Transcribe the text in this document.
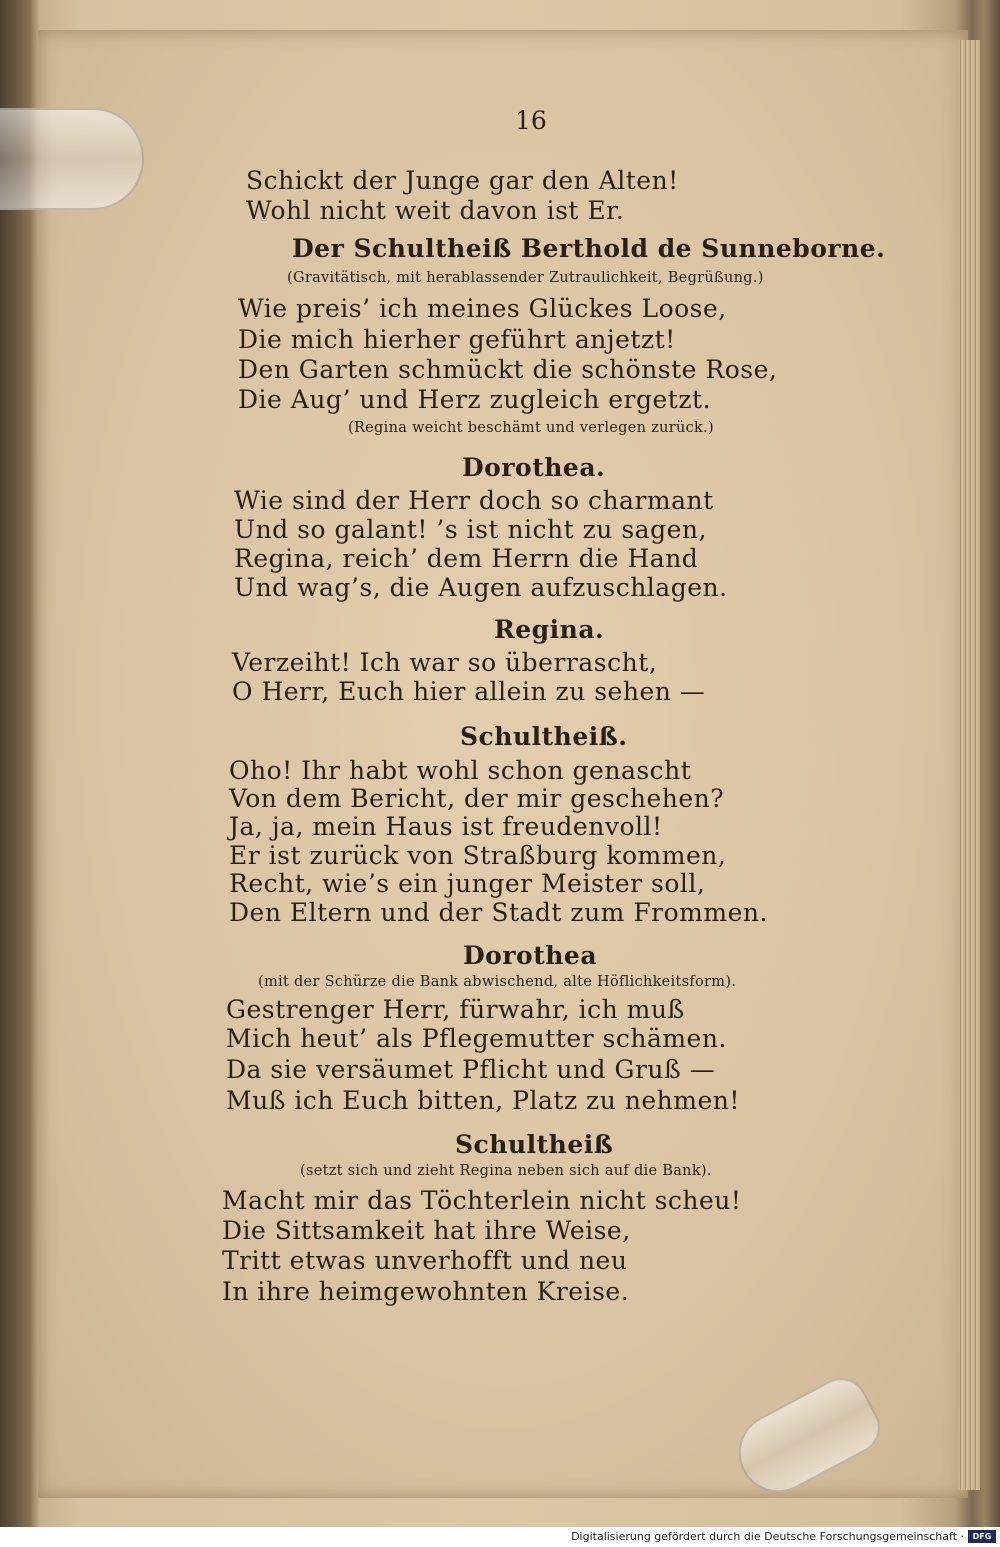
16
Schickt der Junge gar den Alten!
Wohl nicht weit davon ist Er.
Der Schultheiß Berthold de Sunneborne.
(Gravitätisch, mit herablassender Zutraulichkeit, Begrüßung.)
Wie preis’ ich meines Glückes Loose,
Die mich hierher geführt anjetzt!
Den Garten schmückt die schönste Rose,
Die Aug’ und Herz zugleich ergetzt.
(Regina weicht beschämt und verlegen zurück.)
Dorothea.
Wie sind der Herr doch so charmant
Und so galant! ’s ist nicht zu sagen,
Regina, reich’ dem Herrn die Hand
Und wag’s, die Augen aufzuschlagen.
Regina.
Verzeiht! Ich war so überrascht,
O Herr, Euch hier allein zu sehen —
Schultheiß.
Oho! Ihr habt wohl schon genascht
Von dem Bericht, der mir geschehen?
Ja, ja, mein Haus ist freudenvoll!
Er ist zurück von Straßburg kommen,
Recht, wie’s ein junger Meister soll,
Den Eltern und der Stadt zum Frommen.
Dorothea
(mit der Schürze die Bank abwischend, alte Höflichkeitsform).
Gestrenger Herr, fürwahr, ich muß
Mich heut’ als Pflegemutter schämen.
Da sie versäumet Pflicht und Gruß —
Muß ich Euch bitten, Platz zu nehmen!
Schultheiß
(setzt sich und zieht Regina neben sich auf die Bank).
Macht mir das Töchterlein nicht scheu!
Die Sittsamkeit hat ihre Weise,
Tritt etwas unverhofft und neu
In ihre heimgewohnten Kreise.
Digitalisierung gefördert durch die Deutsche Forschungsgemeinschaft ·	DFG
